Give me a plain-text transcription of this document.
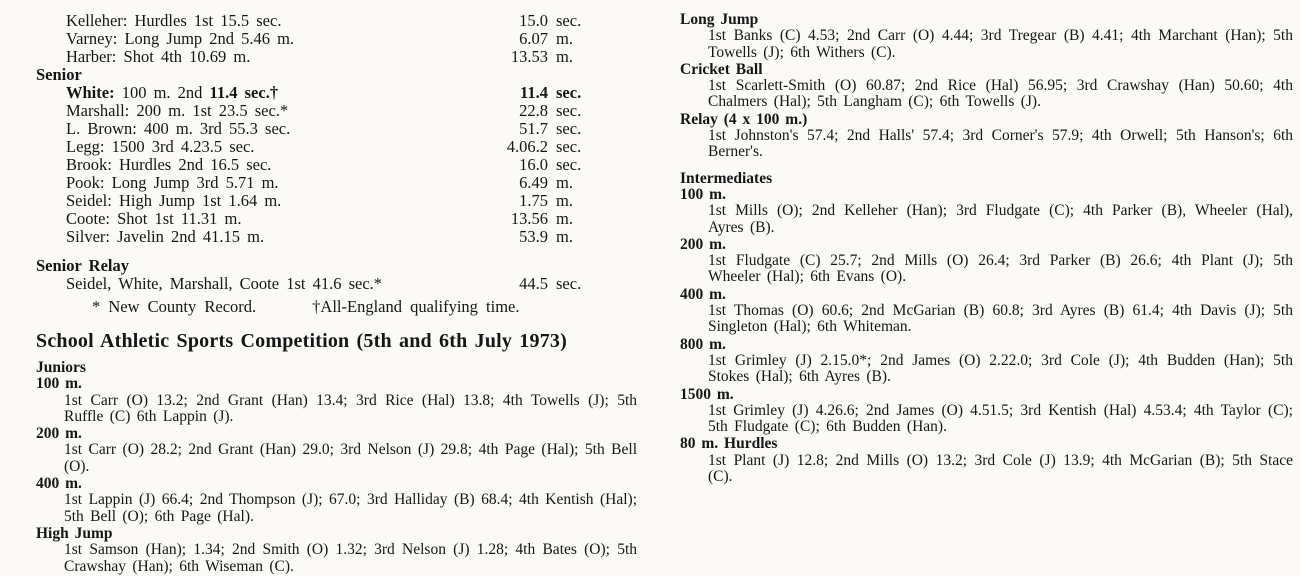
Kelleher: Hurdles 1st 15.5 sec.	15.0 sec.
Varney: Long Jump 2nd 5.46 m.	6.07 m.
Harber: Shot 4th 10.69 m.	13.53 m.
Senior
White: 100 m. 2nd 11.4 sec.†	11.4 sec.
Marshall: 200 m. 1st 23.5 sec.*	22.8 sec.
L. Brown: 400 m. 3rd 55.3 sec.	51.7 sec.
Legg: 1500 3rd 4.23.5 sec.	4.06.2 sec.
Brook: Hurdles 2nd 16.5 sec.	16.0 sec.
Pook: Long Jump 3rd 5.71 m.	6.49 m.
Seidel: High Jump 1st 1.64 m.	1.75 m.
Coote: Shot 1st 11.31 m.	13.56 m.
Silver: Javelin 2nd 41.15 m.	53.9 m.
Senior Relay
Seidel, White, Marshall, Coote 1st 41.6 sec.*	44.5 sec.
* New County Record.	†All-England qualifying time.
School Athletic Sports Competition (5th and 6th July 1973)
Juniors
100 m.

1st Carr (O) 13.2; 2nd Grant (Han) 13.4; 3rd Rice (Hal) 13.8; 4th Towells (J); 5th Ruffle (C) 6th Lappin (J).

200 m.

1st Carr (O) 28.2; 2nd Grant (Han) 29.0; 3rd Nelson (J) 29.8; 4th Page (Hal); 5th Bell (O).

400 m.

1st Lappin (J) 66.4; 2nd Thompson (J); 67.0; 3rd Halliday (B) 68.4; 4th Kentish (Hal); 5th Bell (O); 6th Page (Hal).

High Jump

1st Samson (Han); 1.34; 2nd Smith (O) 1.32; 3rd Nelson (J) 1.28; 4th Bates (O); 5th Crawshay (Han); 6th Wiseman (C).

Long Jump

1st Banks (C) 4.53; 2nd Carr (O) 4.44; 3rd Tregear (B) 4.41; 4th Marchant (Han); 5th Towells (J); 6th Withers (C).

Cricket Ball

1st Scarlett-Smith (O) 60.87; 2nd Rice (Hal) 56.95; 3rd Crawshay (Han) 50.60; 4th Chalmers (Hal); 5th Langham (C); 6th Towells (J).

Relay (4 x 100 m.)

1st Johnston's 57.4; 2nd Halls' 57.4; 3rd Corner's 57.9; 4th Orwell; 5th Hanson's; 6th Berner's.

Intermediates
100 m.

1st Mills (O); 2nd Kelleher (Han); 3rd Fludgate (C); 4th Parker (B), Wheeler (Hal), Ayres (B).

200 m.

1st Fludgate (C) 25.7; 2nd Mills (O) 26.4; 3rd Parker (B) 26.6; 4th Plant (J); 5th Wheeler (Hal); 6th Evans (O).

400 m.

1st Thomas (O) 60.6; 2nd McGarian (B) 60.8; 3rd Ayres (B) 61.4; 4th Davis (J); 5th Singleton (Hal); 6th Whiteman.

800 m.

1st Grimley (J) 2.15.0*; 2nd James (O) 2.22.0; 3rd Cole (J); 4th Budden (Han); 5th Stokes (Hal); 6th Ayres (B).

1500 m.

1st Grimley (J) 4.26.6; 2nd James (O) 4.51.5; 3rd Kentish (Hal) 4.53.4; 4th Taylor (C); 5th Fludgate (C); 6th Budden (Han).

80 m. Hurdles

1st Plant (J) 12.8; 2nd Mills (O) 13.2; 3rd Cole (J) 13.9; 4th McGarian (B); 5th Stace (C).
